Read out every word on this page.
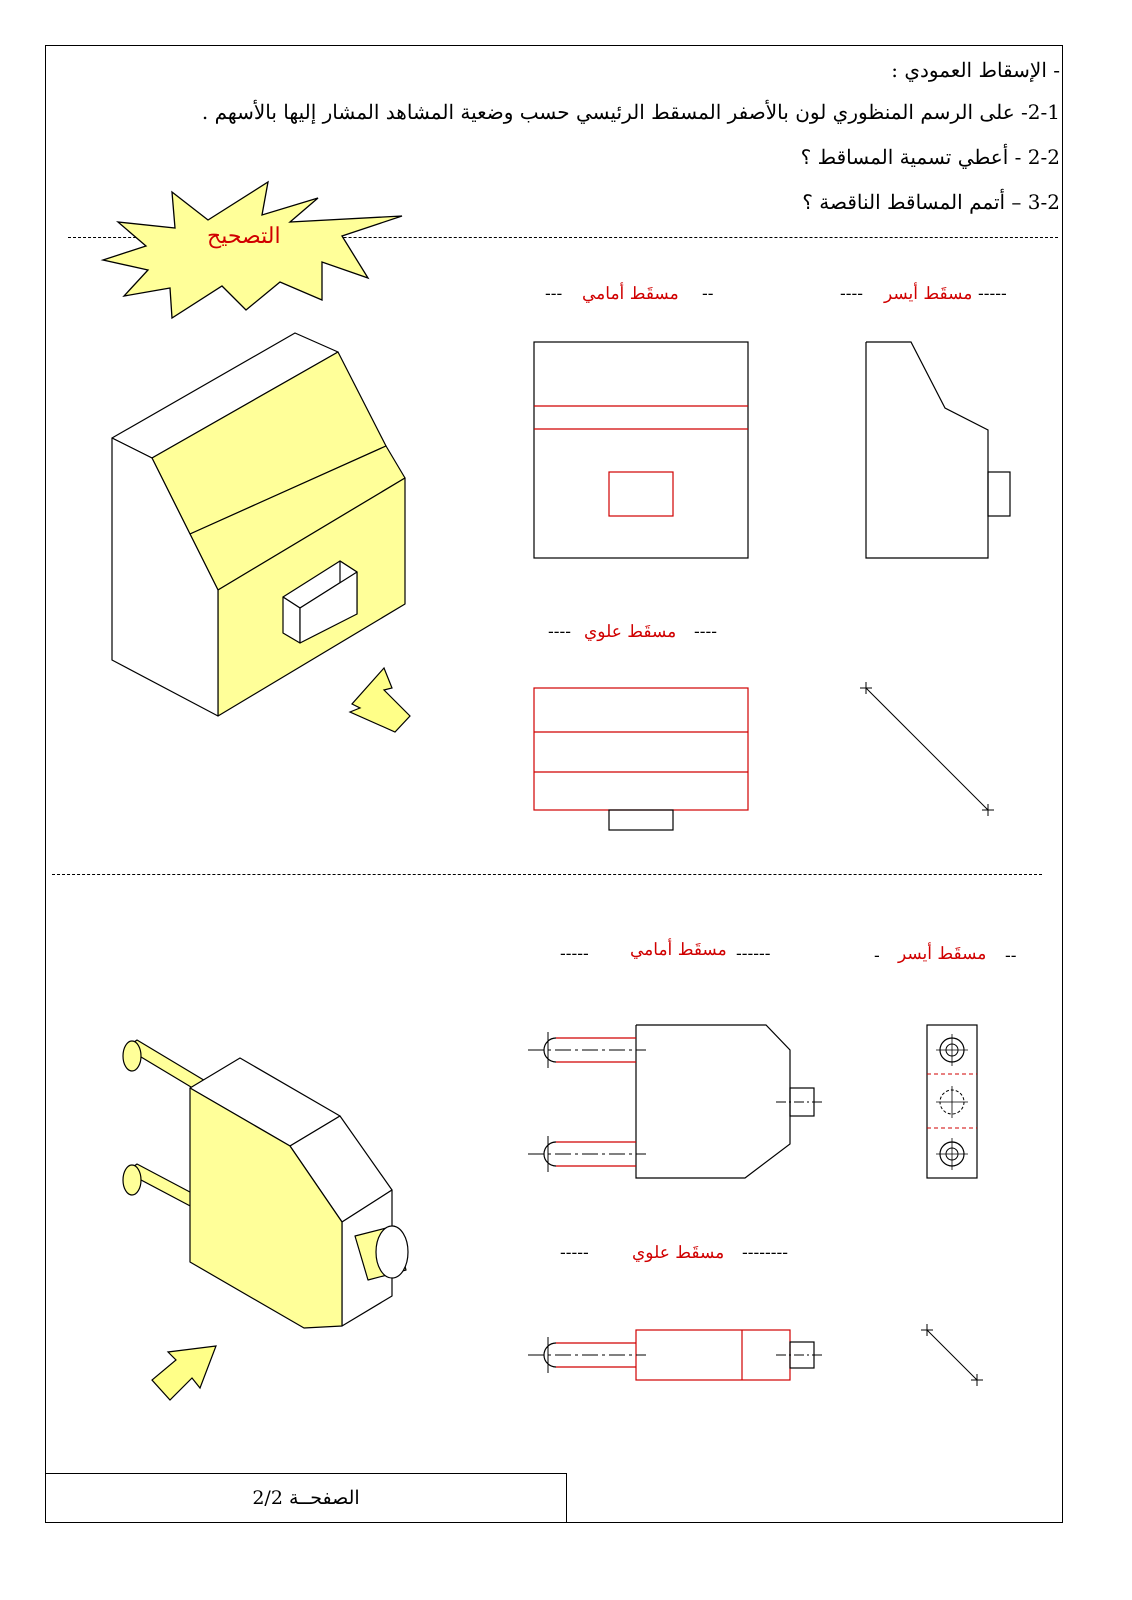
- الإسقاط العمودي :
2-1- على الرسم المنظوري لون بالأصفر المسقط الرئيسي حسب وضعية المشاهد المشار إليها بالأسهم .
2-2 - أعطي تسمية المساقط ؟
3-2 – أتمم المساقط الناقصة ؟
التصحيح
--- مسقَط أمامي --	---- مسقَط أيسر -----
---- مسقَط علوي ----
----- مسقَط أمامي ------	- مسقَط أيسر --
-----	مسقَط علوي --------
الصفحــة 2/2
